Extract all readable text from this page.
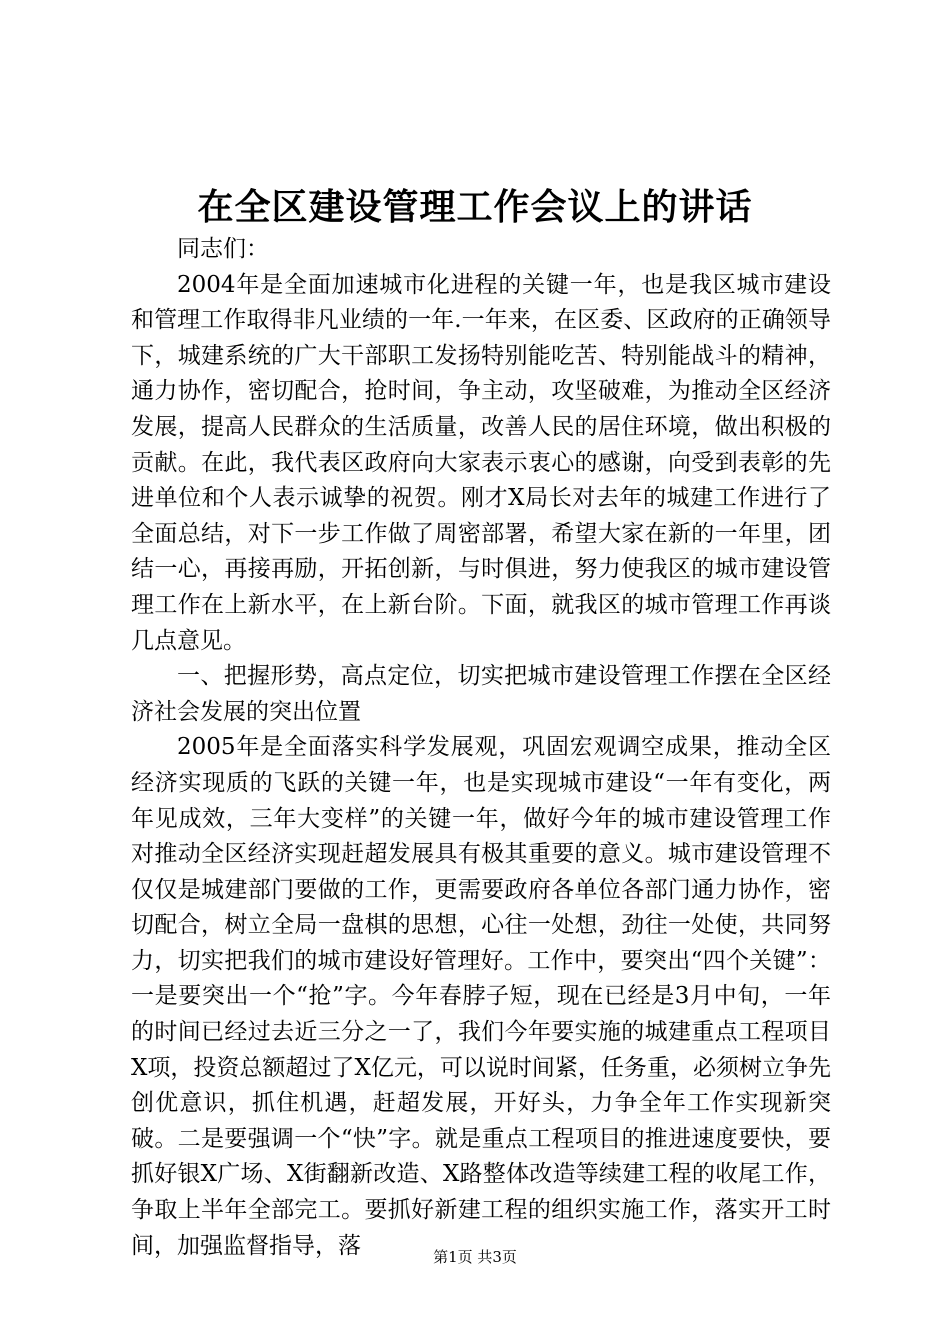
在全区建设管理工作会议上的讲话

同志们：

2004年是全面加速城市化进程的关键一年，也是我区城市建设和管理工作取得非凡业绩的一年.一年来，在区委、区政府的正确领导下，城建系统的广大干部职工发扬特别能吃苦、特别能战斗的精神，通力协作，密切配合，抢时间，争主动，攻坚破难，为推动全区经济发展，提高人民群众的生活质量，改善人民的居住环境，做出积极的贡献。在此，我代表区政府向大家表示衷心的感谢，向受到表彰的先进单位和个人表示诚挚的祝贺。刚才X局长对去年的城建工作进行了全面总结，对下一步工作做了周密部署，希望大家在新的一年里，团结一心，再接再励，开拓创新，与时俱进，努力使我区的城市建设管理工作在上新水平，在上新台阶。下面，就我区的城市管理工作再谈几点意见。

一、把握形势，高点定位，切实把城市建设管理工作摆在全区经济社会发展的突出位置

2005年是全面落实科学发展观，巩固宏观调空成果，推动全区经济实现质的飞跃的关键一年，也是实现城市建设“一年有变化，两年见成效，三年大变样”的关键一年，做好今年的城市建设管理工作对推动全区经济实现赶超发展具有极其重要的意义。城市建设管理不仅仅是城建部门要做的工作，更需要政府各单位各部门通力协作，密切配合，树立全局一盘棋的思想，心往一处想，劲往一处使，共同努力，切实把我们的城市建设好管理好。工作中，要突出“四个关键”：一是要突出一个“抢”字。今年春脖子短，现在已经是3月中旬，一年的时间已经过去近三分之一了，我们今年要实施的城建重点工程项目X项，投资总额超过了X亿元，可以说时间紧，任务重，必须树立争先创优意识，抓住机遇，赶超发展，开好头，力争全年工作实现新突破。二是要强调一个“快”字。就是重点工程项目的推进速度要快，要抓好银X广场、X街翻新改造、X路整体改造等续建工程的收尾工作，争取上半年全部完工。要抓好新建工程的组织实施工作，落实开工时间，加强监督指导，落	第1页 共3页
